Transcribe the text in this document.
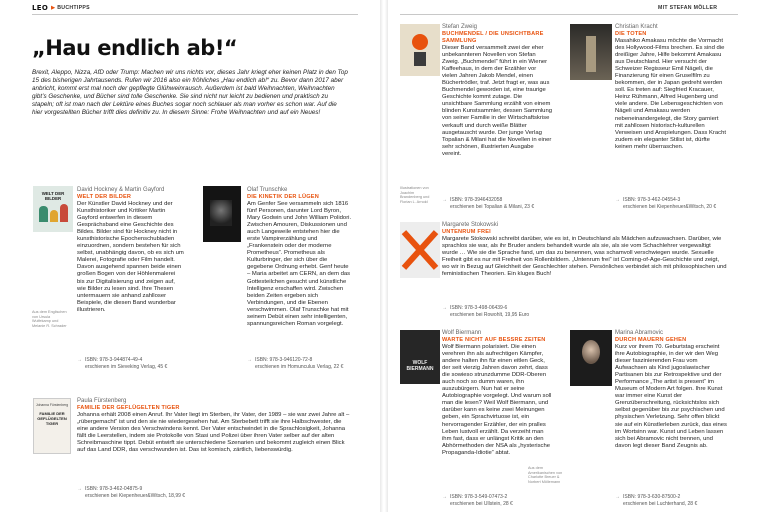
LEO ▶ BUCHTIPPS
„Hau endlich ab!“
Brexit, Aleppo, Nizza, AfD oder Trump: Machen wir uns nichts vor, dieses Jahr kriegt eher keinen Platz in den Top 15 des bisherigen Jahrtausends. Rufen wir 2016 also ein fröhliches „Hau endlich ab!“ zu. Bevor dann 2017 aber anbricht, kommt erst mal noch der gepflegte Glühweinrausch. Außerdem ist bald Weihnachten, Weihnachten gibt’s Geschenke, und Bücher sind tolle Geschenke. Sie sind nicht nur leicht zu bedienen und praktisch zu stapeln; oft ist man nach der Lektüre eines Buches sogar noch schlauer als man vorher es schon war. Auf die hier vorgestellten Bücher trifft dies definitiv zu. In diesem Sinne: Frohe Weihnachten und auf ein Neues!
WELT DER BILDER
Aus dem Englischen von Ursula Wulfekamp und Melanie R. Schrader
David Hockney & Martin Gayford
WELT DER BILDER
Der Künstler David Hockney und der Kunsthistoriker und Kritiker Martin Gayford entwerfen in diesem Gesprächsband eine Geschichte des Bildes. Bilder sind für Hockney nicht in kunsthistorische Epochenschubladen einzuordnen, sondern bestehen für sich selbst, unabhängig davon, ob es sich um Malerei, Fotografie oder Film handelt. Davon ausgehend spannen beide einen großen Bogen von der Höhlenmalerei bis zur Digitalisierung und zeigen auf, wie Bilder zu lesen sind. Ihre Thesen untermauern sie anhand zahlloser Beispiele, die diesen Band wunderbar illustrieren.
→ ISBN: 978-3-944874-49-4
erschienen im Sieveking Verlag, 45 €
Olaf Trunschke
DIE KINETIK DER LÜGEN
Am Genfer See versammeln sich 1816 fünf Personen, darunter Lord Byron, Mary Godwin und John William Polidori. Zwischen Amouren, Diskussionen und auch Langeweile entstehen hier die erste Vampirerzählung und „Frankenstein oder der moderne Prometheus“. Prometheus als Kulturbringer, der sich über die gegebene Ordnung erhebt. Genf heute – Maria arbeitet am CERN, an dem das Gottesteilchen gesucht und künstliche Intelligenz erschaffen wird. Zwischen beiden Zeiten ergeben sich Verbindungen, und die Ebenen verschwimmen. Olaf Trunschke hat mit seinem Debüt einen sehr intelligenten, spannungsreichen Roman vorgelegt.
→ ISBN: 978-3-946120-72-8
erschienen im Homunculus Verlag, 22 €
Johanna Fürstenberg
FAMILIE DER GEFLÜGELTEN TIGER
Paula Fürstenberg
FAMILIE DER GEFLÜGELTEN TIGER
Johanna erhält 2008 einen Anruf. Ihr Vater liegt im Sterben, ihr Vater, der 1989 – sie war zwei Jahre alt – „rübergemacht“ ist und den sie nie wiedergesehen hat. Am Sterbebett trifft sie ihre Halbschwester, die eine andere Version des Verschwindens kennt. Der Vater entschwindet in die Sprachlosigkeit, Johanna fällt die Leerstellen, indem sie Protokolle von Stasi und Polizei über ihren Vater selber auf der alten Schreibmaschine tippt. Debüt entwirft sie unterschiedene Szenarien und bekommt zugleich einen Blick auf das Land DDR, das verschwunden ist. Das ist komisch, zärtlich, liebenswürdig.
→ ISBN: 978-3-462-04875-9
erschienen bei Kiepenheuer&Witsch, 18,99 €
MIT STEFAN MÖLLER
Illustrationen von Joachim Brandenberg und Florian L. Arnold
Stefan Zweig
BUCHMENDEL / DIE UNSICHTBARE SAMMLUNG
Dieser Band versammelt zwei der eher unbekannteren Novellen von Stefan Zweig. „Buchmendel“ führt in ein Wiener Kaffeehaus, in dem der Erzähler vor vielen Jahren Jakob Mendel, einen Büchertrödler, traf. Jetzt fragt er, was aus Buchmendel geworden ist, eine traurige Geschichte kommt zutage. Die unsichtbare Sammlung erzählt von einem blinden Kunstsammler, dessen Sammlung von seiner Familie in der Wirtschaftskrise verkauft und durch weiße Blätter ausgetauscht wurde. Der junge Verlag Topalian & Milani hat die Novellen in einer sehr schönen, illustrierten Ausgabe vereint.
→ ISBN: 978-3946432058
erschienen bei Topalian & Milani, 23 €
Christian Kracht
DIE TOTEN
Masahiko Amakasu möchte die Vormacht des Hollywood-Films brechen. Es sind die dreißiger Jahre, Hilfe bekommt Amakasu aus Deutschland. Hier versucht der Schweizer Regisseur Emil Nägeli, die Finanzierung für einen Gruselfilm zu bekommen, der in Japan gedreht werden soll. Es treten auf: Siegfried Kracauer, Heinz Rühmann, Alfred Hugenberg und viele andere. Die Lebensgeschichten von Nägeli und Amakasu werden nebeneinandergelegt, die Story garniert mit zahllosen historisch-kulturellen Verweisen und Anspielungen. Dass Kracht zudem ein eleganter Stilist ist, dürfte keinen mehr überraschen.
→ ISBN: 978-3-462-04554-3
erschienen bei Kiepenheuer&Witsch, 20 €
Margarete Stokowski
UNTENRUM FREI
Margarete Stokowski schreibt darüber, wie es ist, in Deutschland als Mädchen aufzuwachsen. Darüber, wie sprachlos sie war, als ihr Bruder anders behandelt wurde als sie, als sie vom Schachlehrer vergewaltigt wurde … Wie sie die Sprache fand, um das zu benennen, was schamvoll verschwiegen wurde. Sexuelle Freiheit gibt es nur mit Freiheit von Rollenbildern. „Untenrum frei“ ist Coming-of-Age-Geschichte und zeigt, wo wir in Bezug auf Gleichheit der Geschlechter stehen. Persönliches verbindet sich mit philosophischen und feministischen Theorien. Ein kluges Buch!
→ ISBN: 978-3-498-06439-6
erschienen bei Rowohlt, 19,95 Euro
WOLF
BIERMANN
Wolf Biermann
WARTE NICHT AUF BESSRE ZEITEN
Wolf Biermann polarisiert. Die einen verehren ihn als aufrechtigen Kämpfer, andere halten ihn für einen eitlen Geck, der seit vierzig Jahren davon zehrt, dass die sowieso strunzdumme DDR-Oberen auch noch so dumm waren, ihn auszubürgern. Nun hat er seine Autobiographie vorgelegt. Und warum soll man die lesen? Weil Wolf Biermann, und darüber kann es keine zwei Meinungen geben, ein Sprachvirtuose ist, ein hervorragender Erzähler, der ein pralles Leben lustvoll erzählt. Da verzeiht man ihm fast, dass er unlängst Kritik an den Abhörmethoden der NSA als „hysterische Propaganda-Idiotie“ abtat.
→ ISBN: 978-3-549-07473-2
erschienen bei Ullstein, 28 €
Aus dem Amerikanischen von Charlotte Breuer & Norbert Möllemann
Marina Abramovic
DURCH MAUERN GEHEN
Kurz vor ihrem 70. Geburtstag erscheint ihre Autobiographie, in der wir den Weg dieser faszinierenden Frau vom Aufwachsen als Kind jugoslawischer Partisanen bis zur Retrospektive und der Performance „The artist is present“ im Museum of Modern Art folgen. Ihre Kunst war immer eine Kunst der Grenzüberschreitung, rücksichtslos sich selbst gegenüber bis zur psychischen und physischen Verletzung. Sehr offen blickt sie auf ein Künstlerleben zurück, das eines im Wortsinn war. Kunst und Leben lassen sich bei Abramovic nicht trennen, und davon legt dieser Band Zeugnis ab.
→ ISBN: 978-3-630-87500-2
erschienen bei Luchterhand, 28 €
